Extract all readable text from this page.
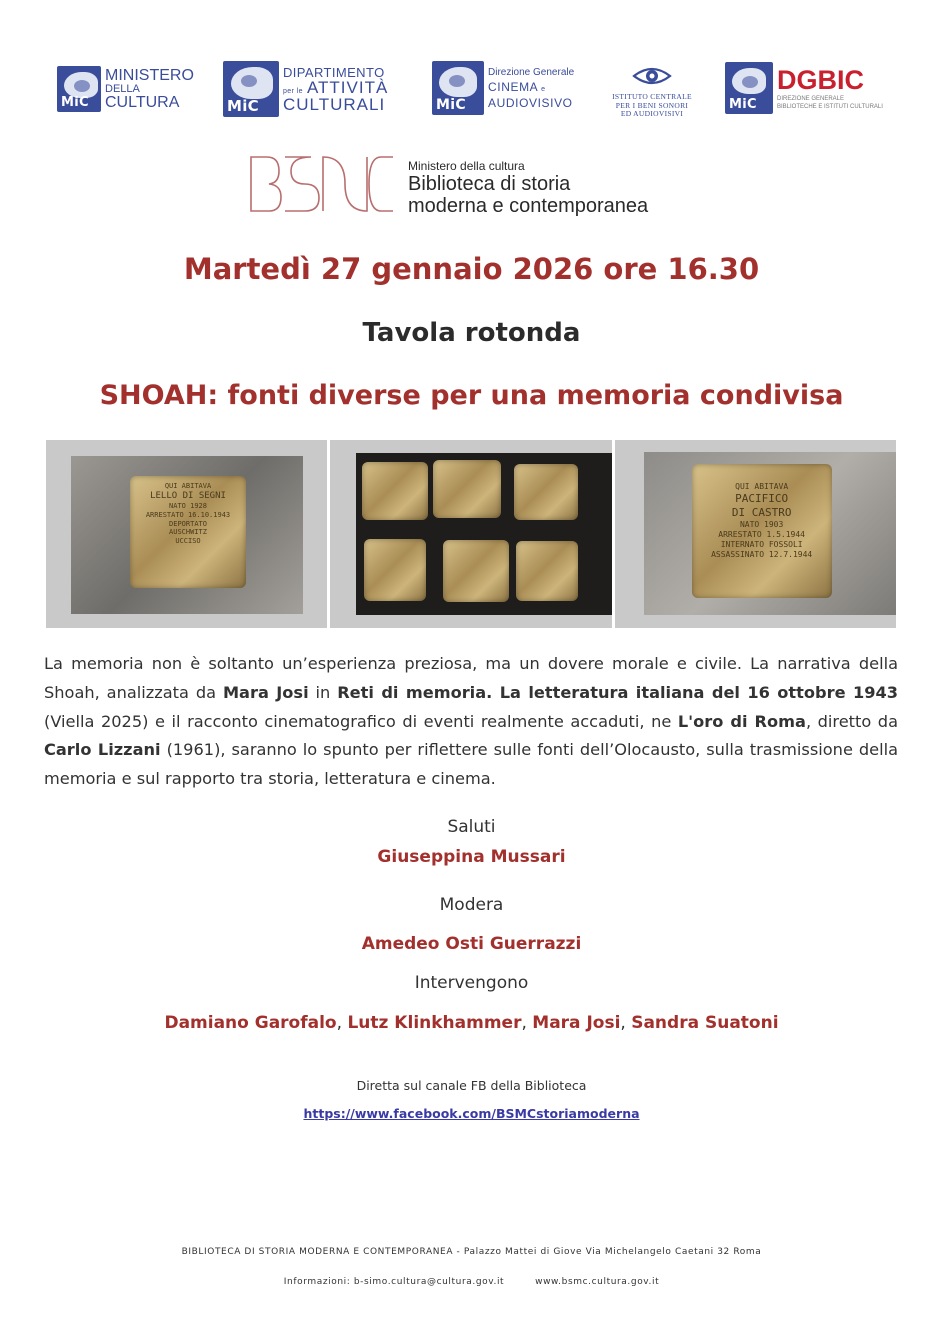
MiC
MINISTERO
DELLA
CULTURA	MiC
DIPARTIMENTO
per le ATTIVITÀ
CULTURALI	MiC
Direzione Generale
CINEMA e
AUDIOVISIVO	ISTITUTO CENTRALE
PER I BENI SONORI
ED AUDIOVISIVI
MiC
DGBIC
DIREZIONE GENERALE
BIBLIOTECHE E ISTITUTI CULTURALI
Ministero della cultura
Biblioteca di storia
moderna e contemporanea
Martedì 27 gennaio 2026 ore 16.30
Tavola rotonda
SHOAH: fonti diverse per una memoria condivisa
QUI ABITAVA
LELLO DI SEGNI
NATO 1928
ARRESTATO 16.10.1943
DEPORTATO
AUSCHWITZ
UCCISO
QUI ABITAVA
PACIFICO
DI CASTRO
NATO 1903
ARRESTATO 1.5.1944
INTERNATO FOSSOLI
ASSASSINATO 12.7.1944
La memoria non è soltanto un’esperienza preziosa, ma un dovere morale e civile. La narrativa della Shoah, analizzata da Mara Josi in Reti di memoria. La letteratura italiana del 16 ottobre 1943 (Viella 2025) e il racconto cinematografico di eventi realmente accaduti, ne L'oro di Roma, diretto da Carlo Lizzani (1961), saranno lo spunto per riflettere sulle fonti dell’Olocausto, sulla trasmissione della memoria e sul rapporto tra storia, letteratura e cinema.
Saluti
Giuseppina Mussari
Modera
Amedeo Osti Guerrazzi
Intervengono
Damiano Garofalo, Lutz Klinkhammer, Mara Josi, Sandra Suatoni
Diretta sul canale FB della Biblioteca
https://www.facebook.com/BSMCstoriamoderna
BIBLIOTECA DI STORIA MODERNA E CONTEMPORANEA - Palazzo Mattei di Giove Via Michelangelo Caetani 32 Roma
Informazioni: b-simo.cultura@cultura.gov.it	www.bsmc.cultura.gov.it
